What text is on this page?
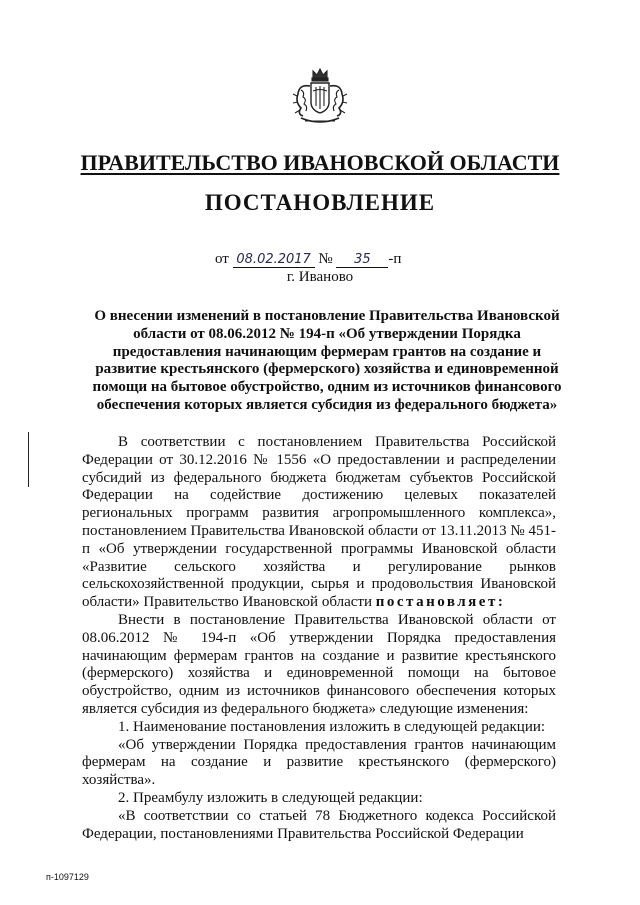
ПРАВИТЕЛЬСТВО ИВАНОВСКОЙ ОБЛАСТИ
ПОСТАНОВЛЕНИЕ
от 08.02.2017 № 35 -п
г. Иваново
О внесении изменений в постановление Правительства Ивановской области от 08.06.2012 № 194-п «Об утверждении Порядка предоставления начинающим фермерам грантов на создание и развитие крестьянского (фермерского) хозяйства и единовременной помощи на бытовое обустройство, одним из источников финансового обеспечения которых является субсидия из федерального бюджета»

В соответствии с постановлением Правительства Российской Федерации от 30.12.2016 № 1556 «О предоставлении и распределении субсидий из федерального бюджета бюджетам субъектов Российской Федерации на содействие достижению целевых показателей региональных программ развития агропромышленного комплекса», постановлением Правительства Ивановской области от 13.11.2013 № 451-п «Об утверждении государственной программы Ивановской области «Развитие сельского хозяйства и регулирование рынков сельскохозяйственной продукции, сырья и продовольствия Ивановской области» Правительство Ивановской области постановляет:

Внести в постановление Правительства Ивановской области от 08.06.2012 № 194-п «Об утверждении Порядка предоставления начинающим фермерам грантов на создание и развитие крестьянского (фермерского) хозяйства и единовременной помощи на бытовое обустройство, одним из источников финансового обеспечения которых является субсидия из федерального бюджета» следующие изменения:

1. Наименование постановления изложить в следующей редакции:

«Об утверждении Порядка предоставления грантов начинающим фермерам на создание и развитие крестьянского (фермерского) хозяйства».

2. Преамбулу изложить в следующей редакции:

«В соответствии со статьей 78 Бюджетного кодекса Российской Федерации, постановлениями Правительства Российской Федерации

п-1097129
